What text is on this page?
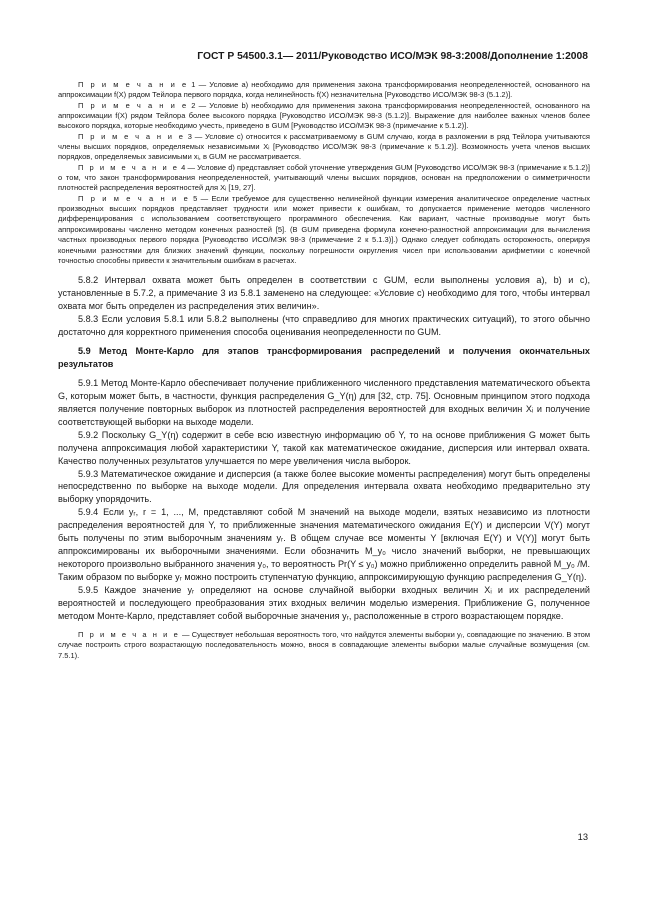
ГОСТ Р 54500.3.1— 2011/Руководство ИСО/МЭК 98-3:2008/Дополнение 1:2008

П р и м е ч а н и е 1 — Условие а) необходимо для применения закона трансформирования неопределенностей, основанного на аппроксимации f(X) рядом Тейлора первого порядка, когда нелинейность f(X) незначительна [Руководство ИСО/МЭК 98-3 (5.1.2)].

П р и м е ч а н и е 2 — Условие b) необходимо для применения закона трансформирования неопределенностей, основанного на аппроксимации f(X) рядом Тейлора более высокого порядка [Руководство ИСО/МЭК 98-3 (5.1.2)]. Выражение для наиболее важных членов более высокого порядка, которые необходимо учесть, приведено в GUM [Руководство ИСО/МЭК 98-3 (примечание к 5.1.2)].

П р и м е ч а н и е 3 — Условие c) относится к рассматриваемому в GUM случаю, когда в разложении в ряд Тейлора учитываются члены высших порядков, определяемых независимыми Xᵢ [Руководство ИСО/МЭК 98-3 (примечание к 5.1.2)]. Возможность учета членов высших порядков, определяемых зависимыми xᵢ, в GUM не рассматривается.

П р и м е ч а н и е 4 — Условие d) представляет собой уточнение утверждения GUM [Руководство ИСО/МЭК 98-3 (примечание к 5.1.2)] о том, что закон трансформирования неопределенностей, учитывающий члены высших порядков, основан на предположении о симметричности плотностей распределения вероятностей для Xᵢ [19, 27].

П р и м е ч а н и е 5 — Если требуемое для существенно нелинейной функции измерения аналитическое определение частных производных высших порядков представляет трудности или может привести к ошибкам, то допускается применение методов численного дифференцирования с использованием соответствующего программного обеспечения. Как вариант, частные производные могут быть аппроксимированы численно методом конечных разностей [5]. (В GUM приведена формула конечно-разностной аппроксимации для вычисления частных производных первого порядка [Руководство ИСО/МЭК 98-3 (примечание 2 к 5.1.3)].) Однако следует соблюдать осторожность, оперируя конечными разностями для близких значений функции, поскольку погрешности округления чисел при использовании арифметики с конечной точностью способны привести к значительным ошибкам в расчетах.

5.8.2 Интервал охвата может быть определен в соответствии с GUM, если выполнены условия а), b) и c), установленные в 5.7.2, а примечание 3 из 5.8.1 заменено на следующее: «Условие с) необходимо для того, чтобы интервал охвата мог быть определен из распределения этих величин».

5.8.3 Если условия 5.8.1 или 5.8.2 выполнены (что справедливо для многих практических ситуаций), то этого обычно достаточно для корректного применения способа оценивания неопределенности по GUM.

5.9 Метод Монте-Карло для этапов трансформирования распределений и получения окончательных результатов

5.9.1 Метод Монте-Карло обеспечивает получение приближенного численного представления математического объекта G, которым может быть, в частности, функция распределения G_Y(η) для [32, стр. 75]. Основным принципом этого подхода является получение повторных выборок из плотностей распределения вероятностей для входных величин Xᵢ и получение соответствующей выборки на выходе модели.

5.9.2 Поскольку G_Y(η) содержит в себе всю известную информацию об Y, то на основе приближения G может быть получена аппроксимация любой характеристики Y, такой как математическое ожидание, дисперсия или интервал охвата. Качество полученных результатов улучшается по мере увеличения числа выборок.

5.9.3 Математическое ожидание и дисперсия (а также более высокие моменты распределения) могут быть определены непосредственно по выборке на выходе модели. Для определения интервала охвата необходимо предварительно эту выборку упорядочить.

5.9.4 Если yᵣ, r = 1, ..., M, представляют собой M значений на выходе модели, взятых независимо из плотности распределения вероятностей для Y, то приближенные значения математического ожидания E(Y) и дисперсии V(Y) могут быть получены по этим выборочным значениям yᵣ. В общем случае все моменты Y [включая E(Y) и V(Y)] могут быть аппроксимированы их выборочными значениями. Если обозначить M_y₀ число значений выборки, не превышающих некоторого произвольно выбранного значения y₀, то вероятность Pr(Y ≤ y₀) можно приближенно определить равной M_y₀ /M. Таким образом по выборке yᵣ можно построить ступенчатую функцию, аппроксимирующую функцию распределения G_Y(η).

5.9.5 Каждое значение yᵣ определяют на основе случайной выборки входных величин Xᵢ и их распределений вероятностей и последующего преобразования этих входных величин моделью измерения. Приближение G, полученное методом Монте-Карло, представляет собой выборочные значения yᵣ, расположенные в строго возрастающем порядке.

П р и м е ч а н и е — Существует небольшая вероятность того, что найдутся элементы выборки yᵣ, совпадающие по значению. В этом случае построить строго возрастающую последовательность можно, внося в совпадающие элементы выборки малые случайные возмущения (см. 7.5.1).

13
